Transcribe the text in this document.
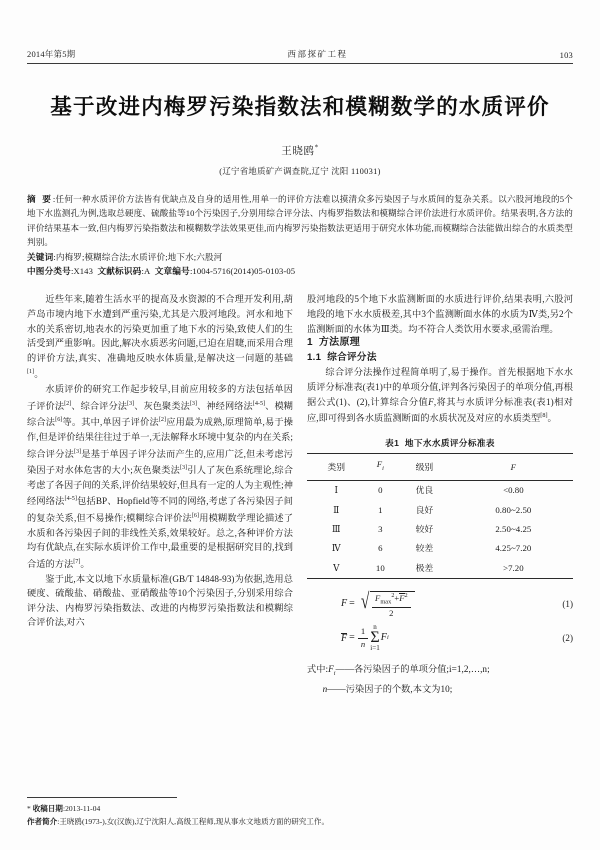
2014年第5期	西部探矿工程	103
基于改进内梅罗污染指数法和模糊数学的水质评价
王晓鸥*
(辽宁省地质矿产调查院,辽宁 沈阳 110031)

摘 要:任何一种水质评价方法皆有优缺点及自身的适用性,用单一的评价方法难以摸清众多污染因子与水质间的复杂关系。以六股河地段的5个地下水监测孔为例,选取总硬度、硫酸盐等10个污染因子,分别用综合评分法、内梅罗指数法和模糊综合评价法进行水质评价。结果表明,各方法的评价结果基本一致,但内梅罗污染指数法和模糊数学法效果更佳,而内梅罗污染指数法更适用于研究水体功能,而模糊综合法能做出综合的水质类型判别。

关键词:内梅罗;模糊综合法;水质评价;地下水;六股河

中图分类号:X143 文献标识码:A 文章编号:1004-5716(2014)05-0103-05

近些年来,随着生活水平的提高及水资源的不合理开发利用,葫芦岛市境内地下水遭到严重污染,尤其是六股河地段。河水和地下水的关系密切,地表水的污染更加重了地下水的污染,致使人们的生活受到严重影响。因此,解决水质恶劣问题,已迫在眉睫,而采用合理的评价方法,真实、准确地反映水体质量,是解决这一问题的基础[1]。

水质评价的研究工作起步较早,目前应用较多的方法包括单因子评价法[2]、综合评分法[3]、灰色聚类法[3]、神经网络法[4-5]、模糊综合法[6]等。其中,单因子评价法[2]应用最为成熟,原理简单,易于操作,但是评价结果往往过于单一,无法解释水环境中复杂的内在关系;综合评分法[3]是基于单因子评分法而产生的,应用广泛,但未考虑污染因子对水体危害的大小;灰色聚类法[3]引人了灰色系统理论,综合考虑了各因子间的关系,评价结果较好,但具有一定的人为主观性;神经网络法[4-5]包括BP、Hopfield等不同的网络,考虑了各污染因子间的复杂关系,但不易操作;模糊综合评价法[6]用模糊数学理论描述了水质和各污染因子间的非线性关系,效果较好。总之,各种评价方法均有优缺点,在实际水质评价工作中,最重要的是根据研究目的,找到合适的方法[7]。

鉴于此,本文以地下水质量标准(GB/T 14848-93)为依据,选用总硬度、硫酸盐、硝酸盐、亚硝酸盐等10个污染因子,分别采用综合评分法、内梅罗污染指数法、改进的内梅罗污染指数法和模糊综合评价法,对六

股河地段的5个地下水监测断面的水质进行评价,结果表明,六股河地段的地下水水质极差,其中3个监测断面水体的水质为Ⅳ类,另2个监测断面的水体为Ⅲ类。均不符合人类饮用水要求,亟需治理。

1 方法原理

1.1 综合评分法

综合评分法操作过程简单明了,易于操作。首先根据地下水水质评分标准表(表1)中的单项分值,评判各污染因子的单项分值,再根据公式(1)、(2),计算综合分值F,将其与水质评分标准表(表1)相对应,即可得到各水质监测断面的水质状况及对应的水质类型[8]。

表1 地下水水质评分标准表
类别	$F_i$	级别	F
Ⅰ	0	优良	<0.80
Ⅱ	1	良好	0.80~2.50
Ⅲ	3	较好	2.50~4.25
Ⅳ	6	较差	4.25~7.20
Ⅴ	10	极差	>7.20
F = √ $\frac{F_{max}^2+F^2}{2}$	(1)
$F = \frac{1}{n}$ n
Σ
i=1
F i	(2)
式中$:F_i——$各污染因子的单项分值;i=1,2,…,n;
n——污染因子的个数,本文为10;

* 收稿日期:2013-11-04

作者简介:王晓鸥(1973-),女(汉族),辽宁沈阳人,高级工程师,现从事水文地质方面的研究工作。
